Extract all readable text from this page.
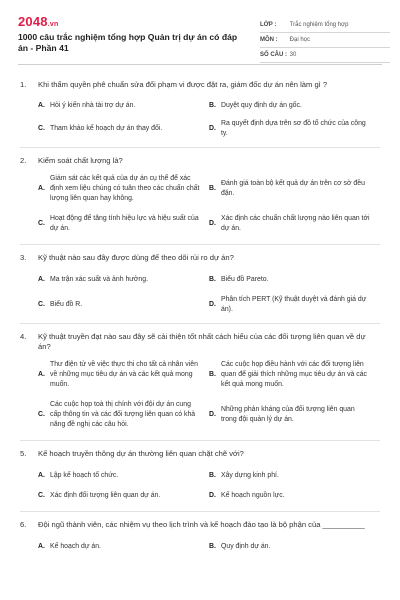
2048.vn
1000 câu trắc nghiệm tổng hợp Quản trị dự án có đáp án - Phần 41
LỚP : Trắc nghiệm tổng hợp
MÔN : Đại học
SỐ CÂU : 30
1.	Khi thẩm quyền phê chuẩn sửa đổi phạm vi được đặt ra, giám đốc dự án nên làm gì ?
A. Hỏi ý kiến nhà tài trợ dự án.	B. Duyệt quy định dự án gốc.
C. Tham khảo kế hoạch dự án thay đổi.	D.
Ra quyết định dựa trên sơ đồ tổ chức của công ty.
2.	Kiểm soát chất lượng là?
A.
Giám sát các kết quả của dự án cụ thể để xác định xem liệu chúng có tuân theo các chuẩn chất lượng liên quan hay không.
B.
Đánh giá toàn bộ kết quả dự án trên cơ sở đều đặn.
C.
Hoạt động để tăng tính hiệu lực và hiệu suất của dự án.
D.
Xác định các chuẩn chất lượng nào liên quan tới dự án.
3.	Kỹ thuật nào sau đây được dùng để theo dõi rủi ro dự án?
A. Ma trận xác suất và ảnh hưởng.	B. Biểu đồ Pareto.
C. Biểu đồ R.	D.
Phân tích PERT (Kỹ thuật duyệt và đánh giá dự án).
4.	Kỹ thuật truyền đạt nào sau đây sẽ cải thiện tốt nhất cách hiểu của các đối tượng liên quan về dự án?
A.
Thư điện tử về việc thực thi cho tất cả nhân viên về những mục tiêu dự án và các kết quả mong muốn.
B.
Các cuộc họp điều hành với các đối tượng liên quan để giải thích những mục tiêu dự án và các kết quả mong muốn.
C.
Các cuộc họp toà thị chính với đội dự án cung cấp thông tin và các đối tượng liên quan có khả năng đề nghị các câu hỏi.
D.
Những phản kháng của đối tượng liên quan trong đội quản lý dự án.
5.	Kế hoạch truyền thông dự án thường liên quan chặt chẽ với?
A. Lập kế hoạch tổ chức.	B. Xây dựng kinh phí.
C. Xác định đối tượng liên quan dự án.	D. Kế hoạch nguồn lực.
6.	Đội ngũ thành viên, các nhiệm vụ theo lịch trình và kế hoạch đào tạo là bộ phận của __________
A. Kế hoạch dự án.	B. Quy định dự án.
